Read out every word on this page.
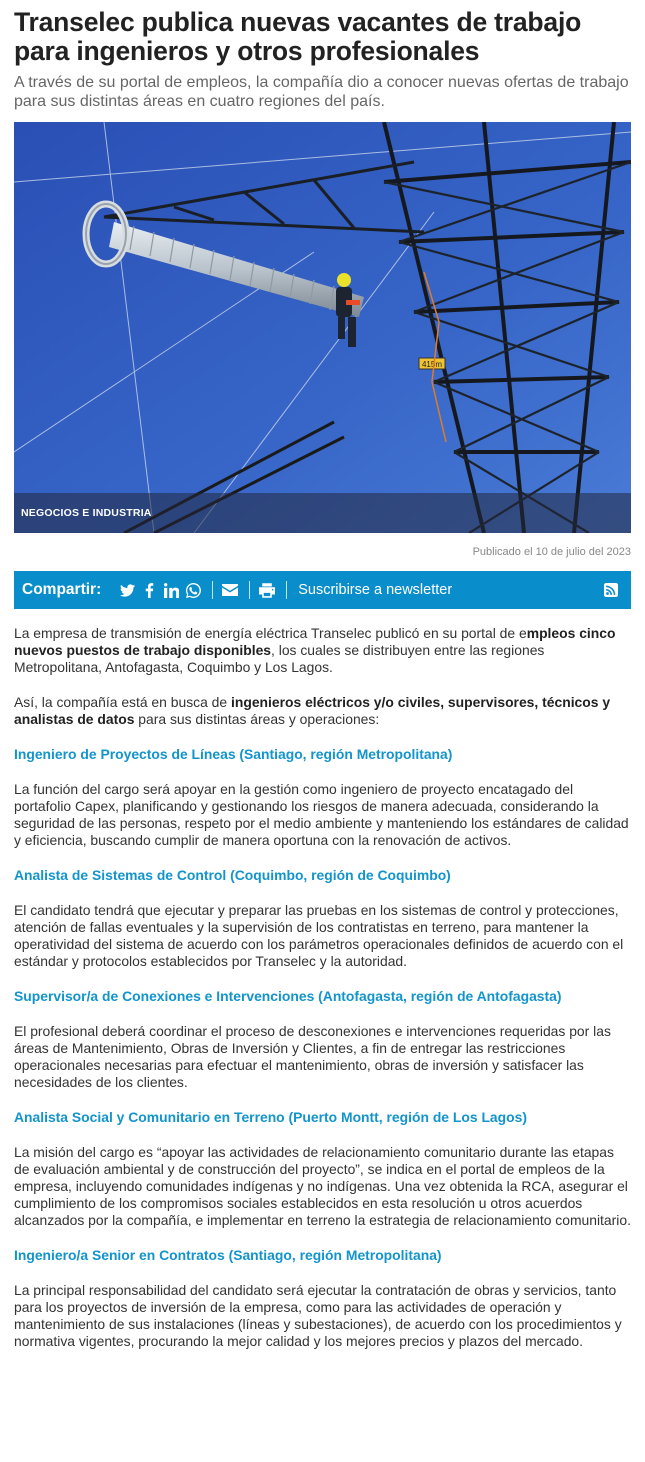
Transelec publica nuevas vacantes de trabajo para ingenieros y otros profesionales

A través de su portal de empleos, la compañía dio a conocer nuevas ofertas de trabajo para sus distintas áreas en cuatro regiones del país.

415m
NEGOCIOS E INDUSTRIA
Publicado el 10 de julio del 2023
Compartir:	Suscribirse a newsletter

La empresa de transmisión de energía eléctrica Transelec publicó en su portal de empleos cinco nuevos puestos de trabajo disponibles, los cuales se distribuyen entre las regiones Metropolitana, Antofagasta, Coquimbo y Los Lagos.

Así, la compañía está en busca de ingenieros eléctricos y/o civiles, supervisores, técnicos y analistas de datos para sus distintas áreas y operaciones:

Ingeniero de Proyectos de Líneas (Santiago, región Metropolitana)

La función del cargo será apoyar en la gestión como ingeniero de proyecto encatagado del portafolio Capex, planificando y gestionando los riesgos de manera adecuada, considerando la seguridad de las personas, respeto por el medio ambiente y manteniendo los estándares de calidad y eficiencia, buscando cumplir de manera oportuna con la renovación de activos.

Analista de Sistemas de Control (Coquimbo, región de Coquimbo)

El candidato tendrá que ejecutar y preparar las pruebas en los sistemas de control y protecciones, atención de fallas eventuales y la supervisión de los contratistas en terreno, para mantener la operatividad del sistema de acuerdo con los parámetros operacionales definidos de acuerdo con el estándar y protocolos establecidos por Transelec y la autoridad.

Supervisor/a de Conexiones e Intervenciones (Antofagasta, región de Antofagasta)

El profesional deberá coordinar el proceso de desconexiones e intervenciones requeridas por las áreas de Mantenimiento, Obras de Inversión y Clientes, a fin de entregar las restricciones operacionales necesarias para efectuar el mantenimiento, obras de inversión y satisfacer las necesidades de los clientes.

Analista Social y Comunitario en Terreno (Puerto Montt, región de Los Lagos)

La misión del cargo es “apoyar las actividades de relacionamiento comunitario durante las etapas de evaluación ambiental y de construcción del proyecto”, se indica en el portal de empleos de la empresa, incluyendo comunidades indígenas y no indígenas. Una vez obtenida la RCA, asegurar el cumplimiento de los compromisos sociales establecidos en esta resolución u otros acuerdos alcanzados por la compañía, e implementar en terreno la estrategia de relacionamiento comunitario.

Ingeniero/a Senior en Contratos (Santiago, región Metropolitana)

La principal responsabilidad del candidato será ejecutar la contratación de obras y servicios, tanto para los proyectos de inversión de la empresa, como para las actividades de operación y mantenimiento de sus instalaciones (líneas y subestaciones), de acuerdo con los procedimientos y normativa vigentes, procurando la mejor calidad y los mejores precios y plazos del mercado.
